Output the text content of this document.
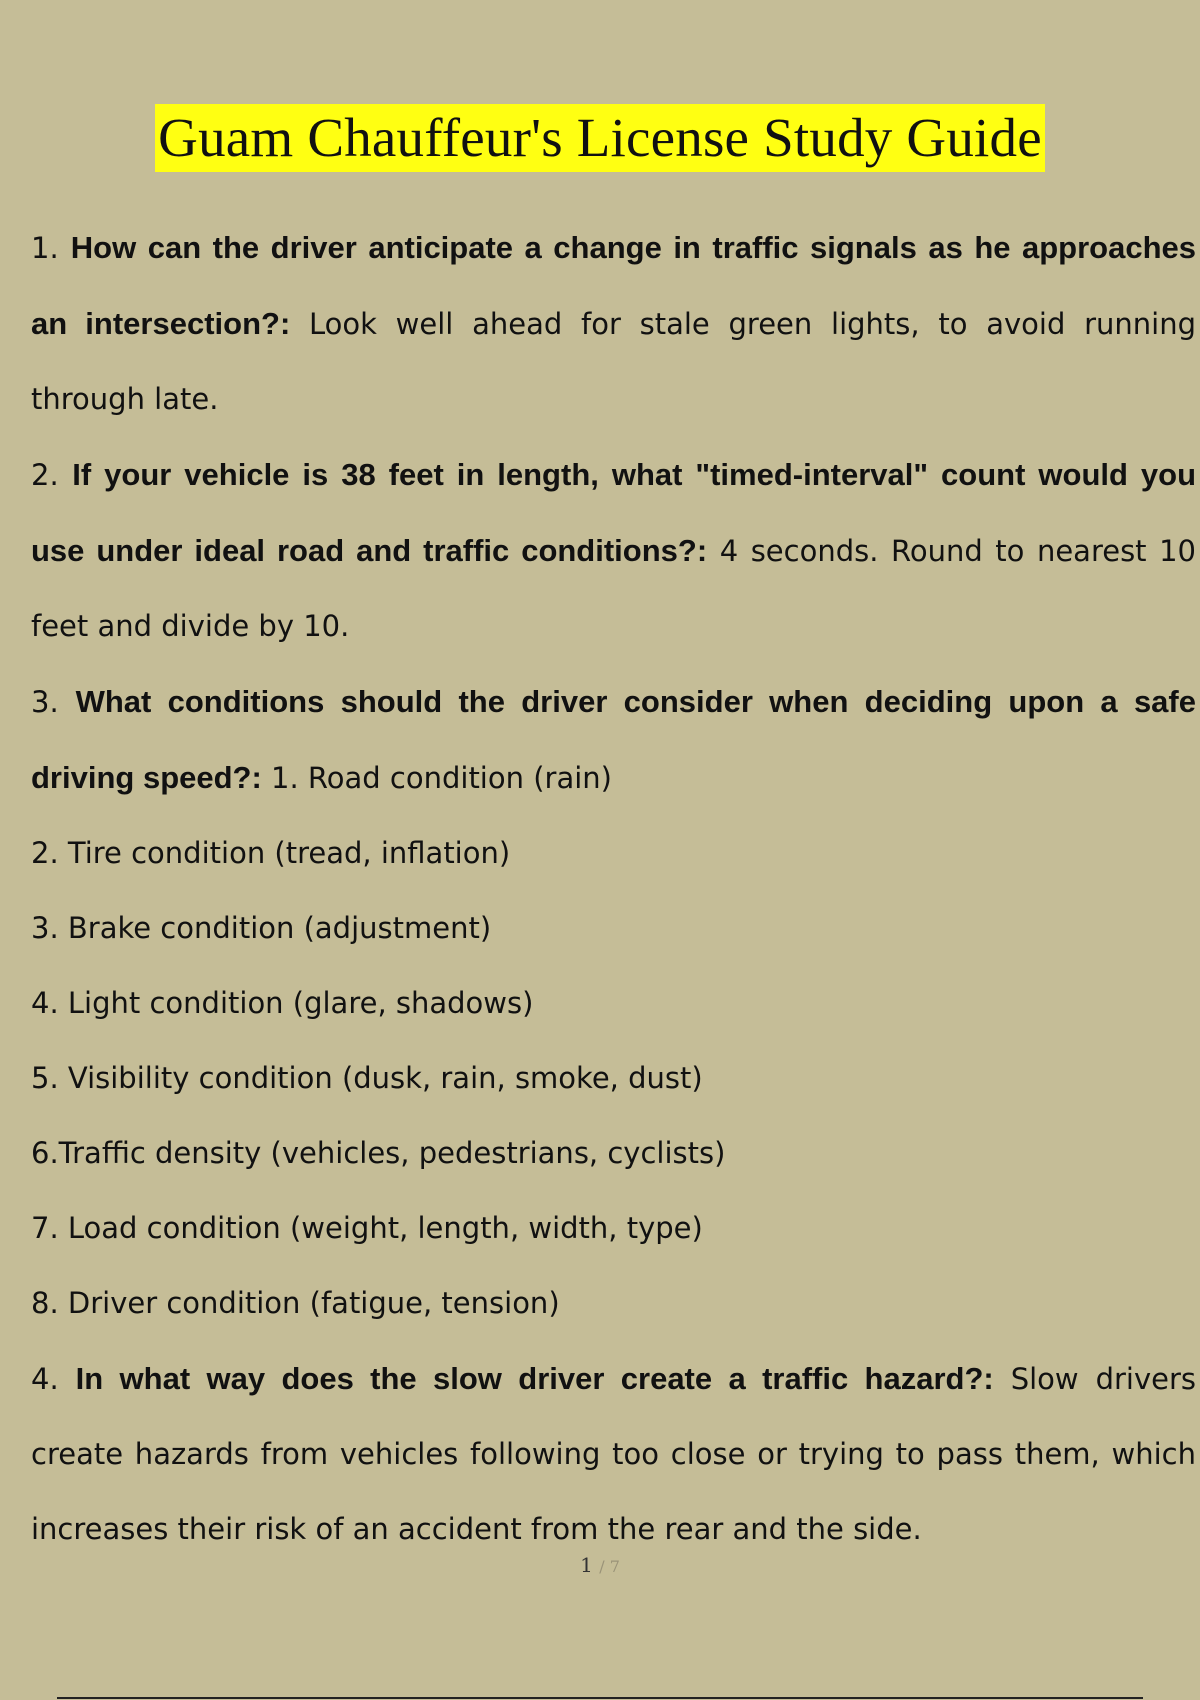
Guam Chauffeur's License Study Guide

1. How can the driver anticipate a change in traffic signals as he approaches an intersection?: Look well ahead for stale green lights, to avoid running through late.

2. If your vehicle is 38 feet in length, what "timed-interval" count would you use under ideal road and traffic conditions?: 4 seconds. Round to nearest 10 feet and divide by 10.

3. What conditions should the driver consider when deciding upon a safe driving speed?: 1. Road condition (rain)

2. Tire condition (tread, inflation)

3. Brake condition (adjustment)

4. Light condition (glare, shadows)

5. Visibility condition (dusk, rain, smoke, dust)

6.Traffic density (vehicles, pedestrians, cyclists)

7. Load condition (weight, length, width, type)

8. Driver condition (fatigue, tension)

4. In what way does the slow driver create a traffic hazard?: Slow drivers create hazards from vehicles following too close or trying to pass them, which increases their risk of an accident from the rear and the side.

1 / 7
